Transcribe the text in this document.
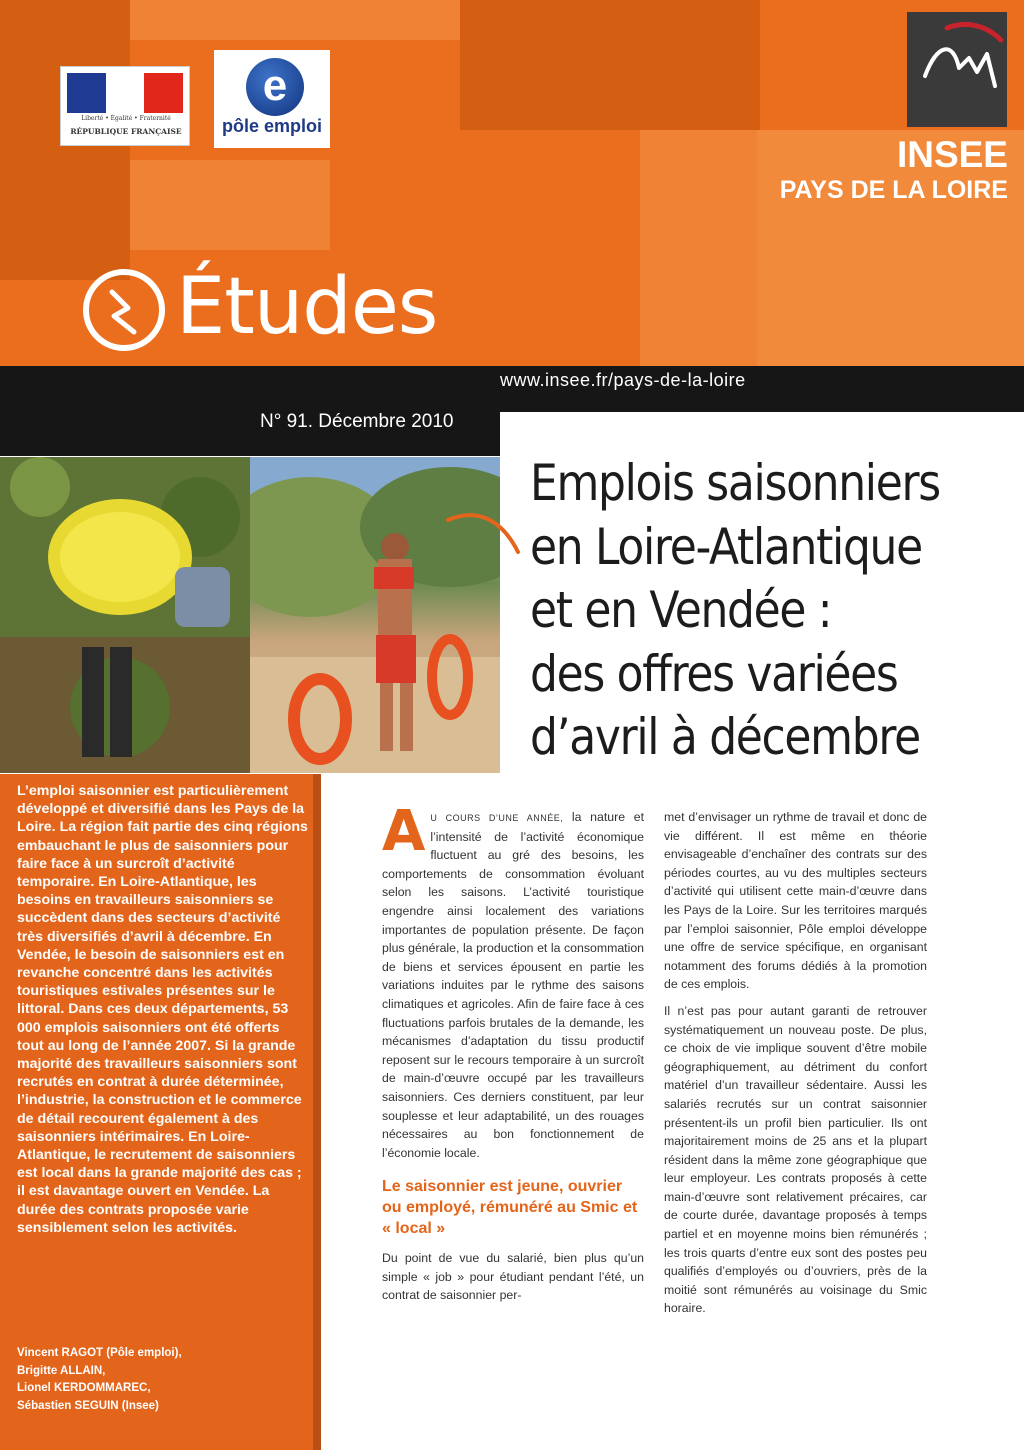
Liberté • Égalité • Fraternité
RÉPUBLIQUE FRANÇAISE
e
pôle emploi
INSEE
PAYS DE LA LOIRE
Études
www.insee.fr/pays-de-la-loire
N° 91. Décembre 2010
Emplois saisonniers
en Loire-Atlantique
et en Vendée :
des offres variées
d’avril à décembre
L’emploi saisonnier est particulièrement développé et diversifié dans les Pays de la Loire. La région fait partie des cinq régions embauchant le plus de saisonniers pour faire face à un surcroît d’activité temporaire. En Loire-Atlantique, les besoins en travailleurs saisonniers se succèdent dans des secteurs d’activité très diversifiés d’avril à décembre. En Vendée, le besoin de saisonniers est en revanche concentré dans les activités touristiques estivales présentes sur le littoral. Dans ces deux départements, 53 000 emplois saisonniers ont été offerts tout au long de l’année 2007. Si la grande majorité des travailleurs saisonniers sont recrutés en contrat à durée déterminée, l’industrie, la construction et le commerce de détail recourent également à des saisonniers intérimaires. En Loire-Atlantique, le recrutement de saisonniers est local dans la grande majorité des cas ; il est davantage ouvert en Vendée. La durée des contrats proposée varie sensiblement selon les activités.
Vincent RAGOT (Pôle emploi),
Brigitte ALLAIN,
Lionel KERDOMMAREC,
Sébastien SEGUIN (Insee)

A U COURS D’UNE ANNÉE, la nature et l’intensité de l’activité économique fluctuent au gré des besoins, les comportements de consommation évoluant selon les saisons. L’activité touristique engendre ainsi localement des variations importantes de population présente. De façon plus générale, la production et la consommation de biens et services épousent en partie les variations induites par le rythme des saisons climatiques et agricoles. Afin de faire face à ces fluctuations parfois brutales de la demande, les mécanismes d’adaptation du tissu productif reposent sur le recours temporaire à un surcroît de main-d’œuvre occupé par les travailleurs saisonniers. Ces derniers constituent, par leur souplesse et leur adaptabilité, un des rouages nécessaires au bon fonctionnement de l’économie locale.

Le saisonnier est jeune, ouvrier ou employé, rémunéré au Smic et « local »

Du point de vue du salarié, bien plus qu’un simple « job » pour étudiant pendant l’été, un contrat de saisonnier per-

met d’envisager un rythme de travail et donc de vie différent. Il est même en théorie envisageable d’enchaîner des contrats sur des périodes courtes, au vu des multiples secteurs d’activité qui utilisent cette main-d’œuvre dans les Pays de la Loire. Sur les territoires marqués par l’emploi saisonnier, Pôle emploi développe une offre de service spécifique, en organisant notamment des forums dédiés à la promotion de ces emplois.

Il n’est pas pour autant garanti de retrouver systématiquement un nouveau poste. De plus, ce choix de vie implique souvent d’être mobile géographiquement, au détriment du confort matériel d’un travailleur sédentaire. Aussi les salariés recrutés sur un contrat saisonnier présentent-ils un profil bien particulier. Ils ont majoritairement moins de 25 ans et la plupart résident dans la même zone géographique que leur employeur. Les contrats proposés à cette main-d’œuvre sont relativement précaires, car de courte durée, davantage proposés à temps partiel et en moyenne moins bien rémunérés ; les trois quarts d’entre eux sont des postes peu qualifiés d’employés ou d’ouvriers, près de la moitié sont rémunérés au voisinage du Smic horaire.
